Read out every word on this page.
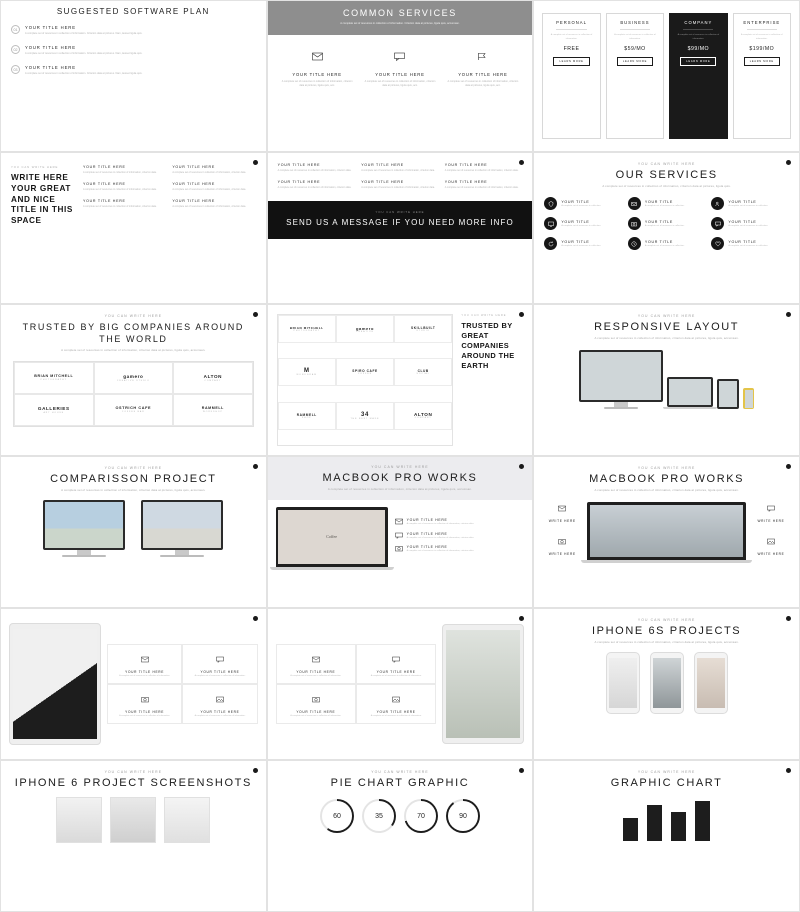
SUGGESTED SOFTWARE PLAN
01	YOUR TITLE HERE
A complete set of resources in collection of information. Criterion data at pictures. Nam, laoreet ligula quis.
02	YOUR TITLE HERE
A complete set of resources in collection of information. Criterion data at pictures. Nam, laoreet ligula quis.
03	YOUR TITLE HERE
A complete set of resources in collection of information. Criterion data at pictures. Nam, laoreet ligula quis.
COMMON SERVICES
A complete set of resources in collection of information. Criterion data at pictures, ligula quis, accumsan.
YOUR TITLE HERE
A complete set of resources in collection of information, criterion data at pictures, ligula quis, acc.
YOUR TITLE HERE
A complete set of resources in collection of information, criterion data at pictures, ligula quis, acc.
YOUR TITLE HERE
A complete set of resources in collection of information, criterion data at pictures, ligula quis, acc.
PERSONAL
A complete set of resources in collection of information.
FREE
LEARN MORE
BUSINESS
A complete set of resources in collection of information.
$59/MO
LEARN MORE
COMPANY
A complete set of resources in collection of information.
$99/MO
LEARN MORE
ENTERPRISE
A complete set of resources in collection of information.
$199/MO
LEARN MORE
YOU CAN WRITE HERE
WRITE HERE YOUR GREAT AND NICE TITLE IN THIS SPACE
YOUR TITLE HERE
A complete set of resources in collection of information, criterion data.
YOUR TITLE HERE
A complete set of resources in collection of information, criterion data.
YOUR TITLE HERE
A complete set of resources in collection of information, criterion data.
YOUR TITLE HERE
A complete set of resources in collection of information, criterion data.
YOUR TITLE HERE
A complete set of resources in collection of information, criterion data.
YOUR TITLE HERE
A complete set of resources in collection of information, criterion data.
YOUR TITLE HERE
A complete set of resources in collection of information, criterion data.
YOUR TITLE HERE
A complete set of resources in collection of information, criterion data.
YOUR TITLE HERE
A complete set of resources in collection of information, criterion data.
YOUR TITLE HERE
A complete set of resources in collection of information, criterion data.
YOUR TITLE HERE
A complete set of resources in collection of information, criterion data.
YOUR TITLE HERE
A complete set of resources in collection of information, criterion data.
YOU CAN WRITE HERE
SEND US A MESSAGE IF YOU NEED MORE INFO
YOU CAN WRITE HERE
OUR SERVICES
A complete set of resources in collection of information, criterion data at pictures, ligula quis.
YOUR TITLE
A complete set of resources in collection.
YOUR TITLE
A complete set of resources in collection.
YOUR TITLE
A complete set of resources in collection.
YOUR TITLE
A complete set of resources in collection.
YOUR TITLE
A complete set of resources in collection.
YOUR TITLE
A complete set of resources in collection.
YOUR TITLE
A complete set of resources in collection.
YOUR TITLE
A complete set of resources in collection.
YOUR TITLE
A complete set of resources in collection.
YOU CAN WRITE HERE
TRUSTED BY BIG COMPANIES AROUND THE WORLD
A complete set of resources in collection of information, criterion data at pictures, ligula quis, accumsan.
BRIAN MITCHELL
PHOTOGRAPHY
gamero
CREATIVE STUDIO
ALTON
COMPANY
GALLERIES
ART HOUSE
OSTRICH CAFE
COFFEE BAR
RAMMELL
WORKSHOP
BRIAN MITCHELL
PHOTOGRAPHY
gamero
CREATIVE
SKILLBUILT
STUDIO
M
MONOGRAM
SPIRO CAFE
COFFEE
CLUB
SOCIAL
RAMMELL
SHOP	34
THE BEST MADE
ALTON
COMPANY
YOU CAN WRITE HERE
TRUSTED BY GREAT COMPANIES AROUND THE EARTH
YOU CAN WRITE HERE
RESPONSIVE LAYOUT
A complete set of resources in collection of information, criterion data at pictures, ligula quis, accumsan.
YOU CAN WRITE HERE
COMPARISSON PROJECT
A complete set of resources in collection of information, criterion data at pictures, ligula quis, accumsan.
YOU CAN WRITE HERE
MACBOOK PRO WORKS
A complete set of resources in collection of information, criterion data at pictures, ligula quis, accumsan.
Coffee
YOUR TITLE HERE
A complete set of resources in collection of information, criterion data.
YOUR TITLE HERE
A complete set of resources in collection of information, criterion data.
YOUR TITLE HERE
A complete set of resources in collection of information, criterion data.
YOU CAN WRITE HERE
MACBOOK PRO WORKS
A complete set of resources in collection of information, criterion data at pictures, ligula quis, accumsan.
WRITE HERE
WRITE HERE
WRITE HERE
WRITE HERE
YOUR TITLE HERE
A complete set of resources in collection of information.
YOUR TITLE HERE
A complete set of resources in collection of information.
YOUR TITLE HERE
A complete set of resources in collection of information.
YOUR TITLE HERE
A complete set of resources in collection of information.
YOUR TITLE HERE
A complete set of resources in collection of information.
YOUR TITLE HERE
A complete set of resources in collection of information.
YOUR TITLE HERE
A complete set of resources in collection of information.
YOUR TITLE HERE
A complete set of resources in collection of information.
YOU CAN WRITE HERE
IPHONE 6S PROJECTS
A complete set of resources in collection of information, criterion data at pictures, ligula quis, accumsan.
YOU CAN WRITE HERE
IPHONE 6 PROJECT SCREENSHOTS
YOU CAN WRITE HERE
PIE CHART GRAPHIC
60	35	70	90
YOU CAN WRITE HERE
GRAPHIC CHART
